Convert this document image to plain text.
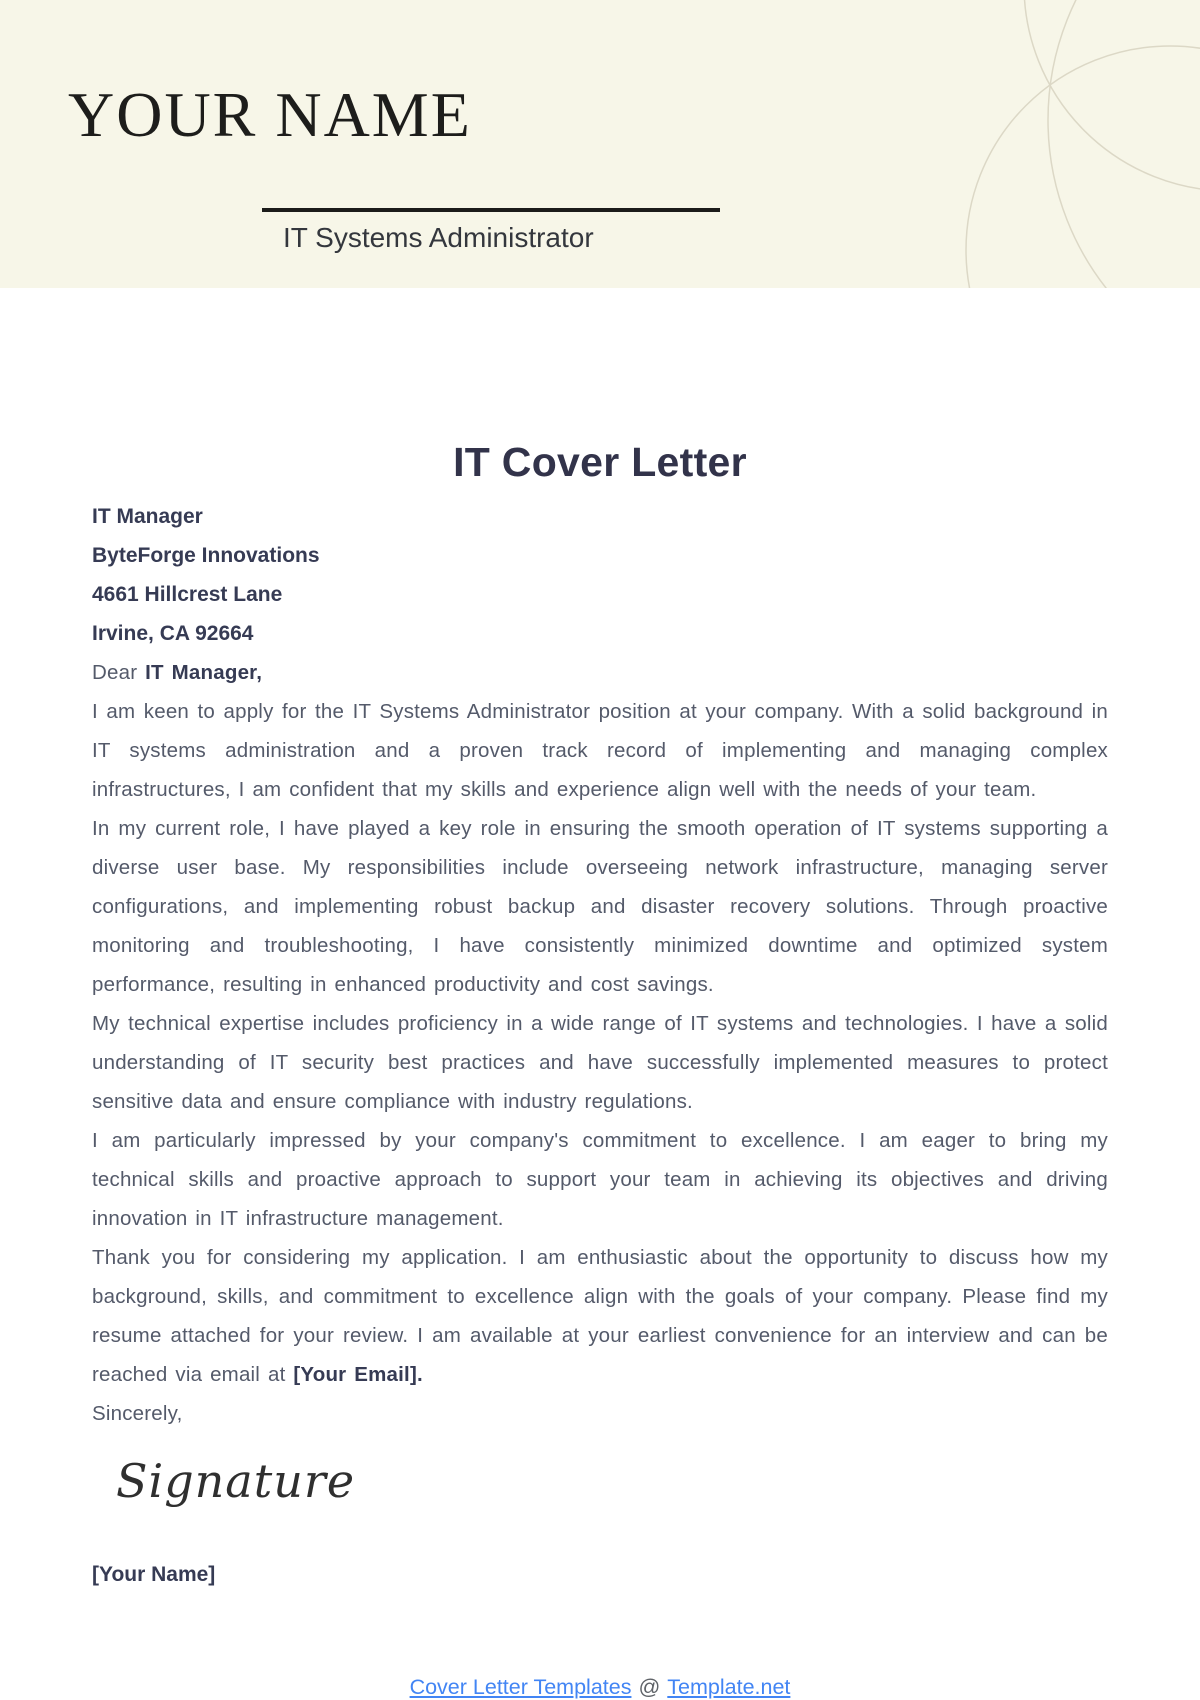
YOUR NAME
IT Systems Administrator
IT Cover Letter

IT Manager

ByteForge Innovations

4661 Hillcrest Lane

Irvine, CA 92664

Dear IT Manager,

I am keen to apply for the IT Systems Administrator position at your company. With a solid background in IT systems administration and a proven track record of implementing and managing complex infrastructures, I am confident that my skills and experience align well with the needs of your team.

In my current role, I have played a key role in ensuring the smooth operation of IT systems supporting a diverse user base. My responsibilities include overseeing network infrastructure, managing server configurations, and implementing robust backup and disaster recovery solutions. Through proactive monitoring and troubleshooting, I have consistently minimized downtime and optimized system performance, resulting in enhanced productivity and cost savings.

My technical expertise includes proficiency in a wide range of IT systems and technologies. I have a solid understanding of IT security best practices and have successfully implemented measures to protect sensitive data and ensure compliance with industry regulations.

I am particularly impressed by your company's commitment to excellence. I am eager to bring my technical skills and proactive approach to support your team in achieving its objectives and driving innovation in IT infrastructure management.

Thank you for considering my application. I am enthusiastic about the opportunity to discuss how my background, skills, and commitment to excellence align with the goals of your company. Please find my resume attached for your review. I am available at your earliest convenience for an interview and can be reached via email at [Your Email].

Sincerely,

Signature

[Your Name]

Cover Letter Templates @ Template.net
